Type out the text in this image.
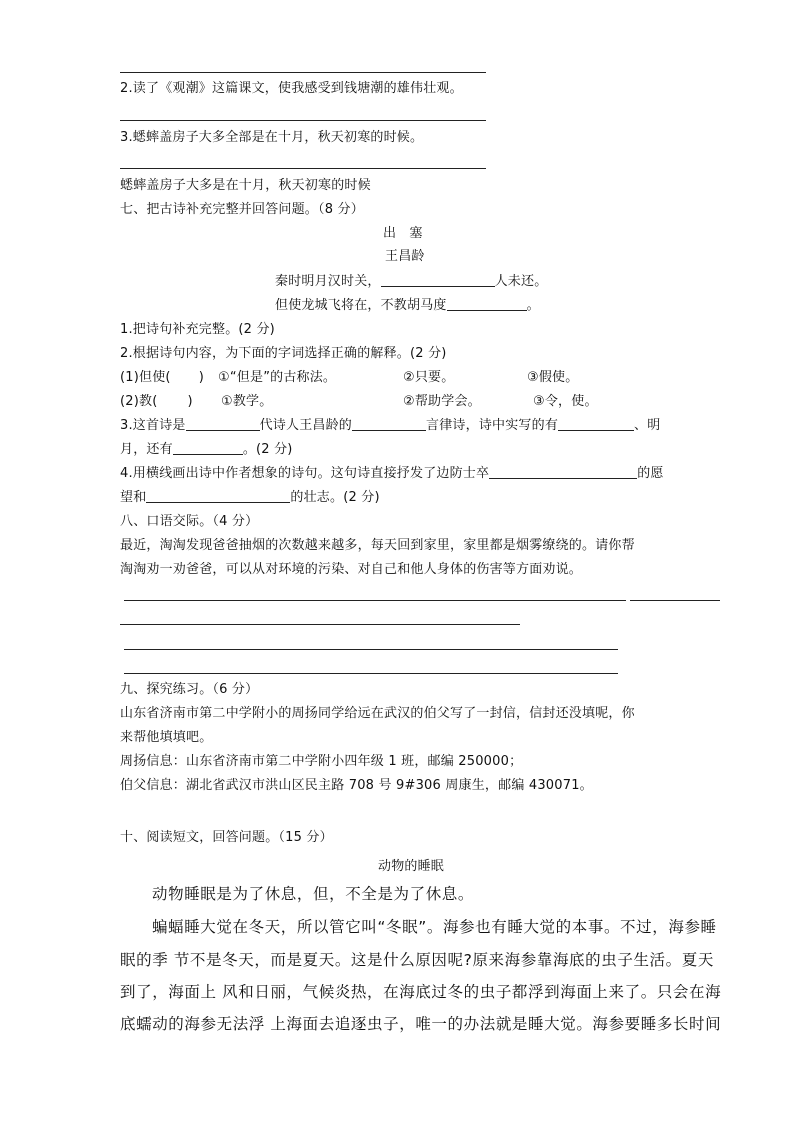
2.读了《观潮》这篇课文，使我感受到钱塘潮的雄伟壮观。
3.蟋蟀盖房子大多全部是在十月，秋天初寒的时候。
蟋蟀盖房子大多是在十月，秋天初寒的时候
七、把古诗补充完整并回答问题。（8 分）
出　塞
王昌龄
秦时明月汉时关，	人未还。
但使龙城飞将在，不教胡马度	。
1.把诗句补充完整。(2 分)
2.根据诗句内容，为下面的字词选择正确的解释。(2 分)
(1)但使( ) ①“但是”的古称法。	②只要。	③假使。
(2)教( ) ①教学。	②帮助学会。	③令，使。
3.这首诗是	代诗人王昌龄的	言律诗，诗中实写的有	、明
月，还有	。(2 分)
4.用横线画出诗中作者想象的诗句。这句诗直接抒发了边防士卒	的愿
望和	的壮志。(2 分)
八、口语交际。（4 分）
最近，淘淘发现爸爸抽烟的次数越来越多，每天回到家里，家里都是烟雾缭绕的。请你帮
淘淘劝一劝爸爸，可以从对环境的污染、对自己和他人身体的伤害等方面劝说。
九、探究练习。（6 分）
山东省济南市第二中学附小的周扬同学给远在武汉的伯父写了一封信，信封还没填呢，你
来帮他填填吧。
周扬信息：山东省济南市第二中学附小四年级 1 班，邮编 250000；
伯父信息：湖北省武汉市洪山区民主路 708 号 9#306 周康生，邮编 430071。
十、阅读短文，回答问题。（15 分）
动物的睡眠
动物睡眠是为了休息，但，不全是为了休息。
蝙蝠睡大觉在冬天，所以管它叫“冬眠”。海参也有睡大觉的本事。不过，海参睡
眠的季 节不是冬天，而是夏天。这是什么原因呢?原来海参靠海底的虫子生活。夏天
到了，海面上 风和日丽，气候炎热，在海底过冬的虫子都浮到海面上来了。只会在海
底蠕动的海参无法浮 上海面去追逐虫子，唯一的办法就是睡大觉。海参要睡多长时间
